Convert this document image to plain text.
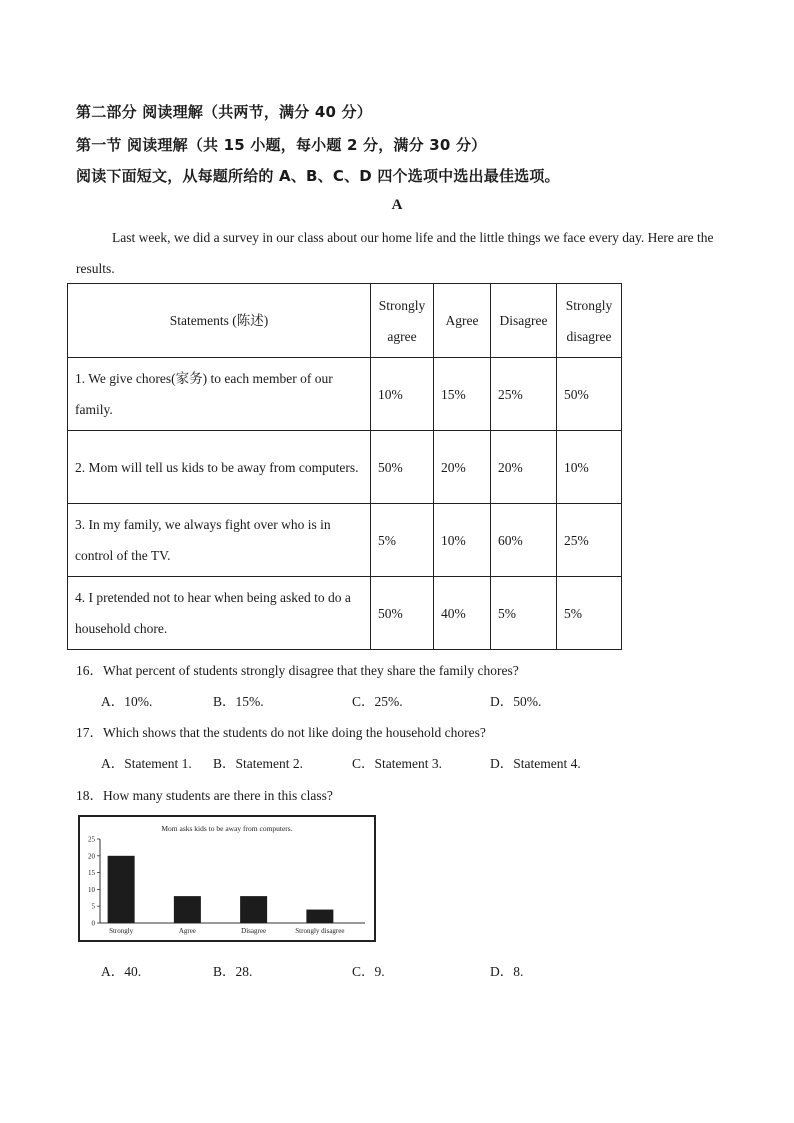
第二部分 阅读理解（共两节，满分 40 分）
第一节 阅读理解（共 15 小题，每小题 2 分，满分 30 分）
阅读下面短文，从每题所给的 A、B、C、D 四个选项中选出最佳选项。
A
Last week, we did a survey in our class about our home life and the little things we face every day. Here are the results.
Statements (陈述)	Strongly agree	Agree	Disagree	Strongly disagree
1. We give chores(家务) to each member of our family.	10%	15%	25%	50%
2. Mom will tell us kids to be away from computers.	50%	20%	20%	10%
3. In my family, we always fight over who is in control of the TV.	5%	10%	60%	25%
4. I pretended not to hear when being asked to do a household chore.	50%	40%	5%	5%
16．What percent of students strongly disagree that they share the family chores?
A．10%.	B．15%.	C．25%.	D．50%.
17．Which shows that the students do not like doing the household chores?
A．Statement 1. B．Statement 2.	C．Statement 3.	D．Statement 4.
18．How many students are there in this class?
Mom asks kids to be away from computers.
0
5
10
15
20
25
Strongly	Agree	Disagree	Strongly disagree
A．40.	B．28.	C．9.	D．8.
